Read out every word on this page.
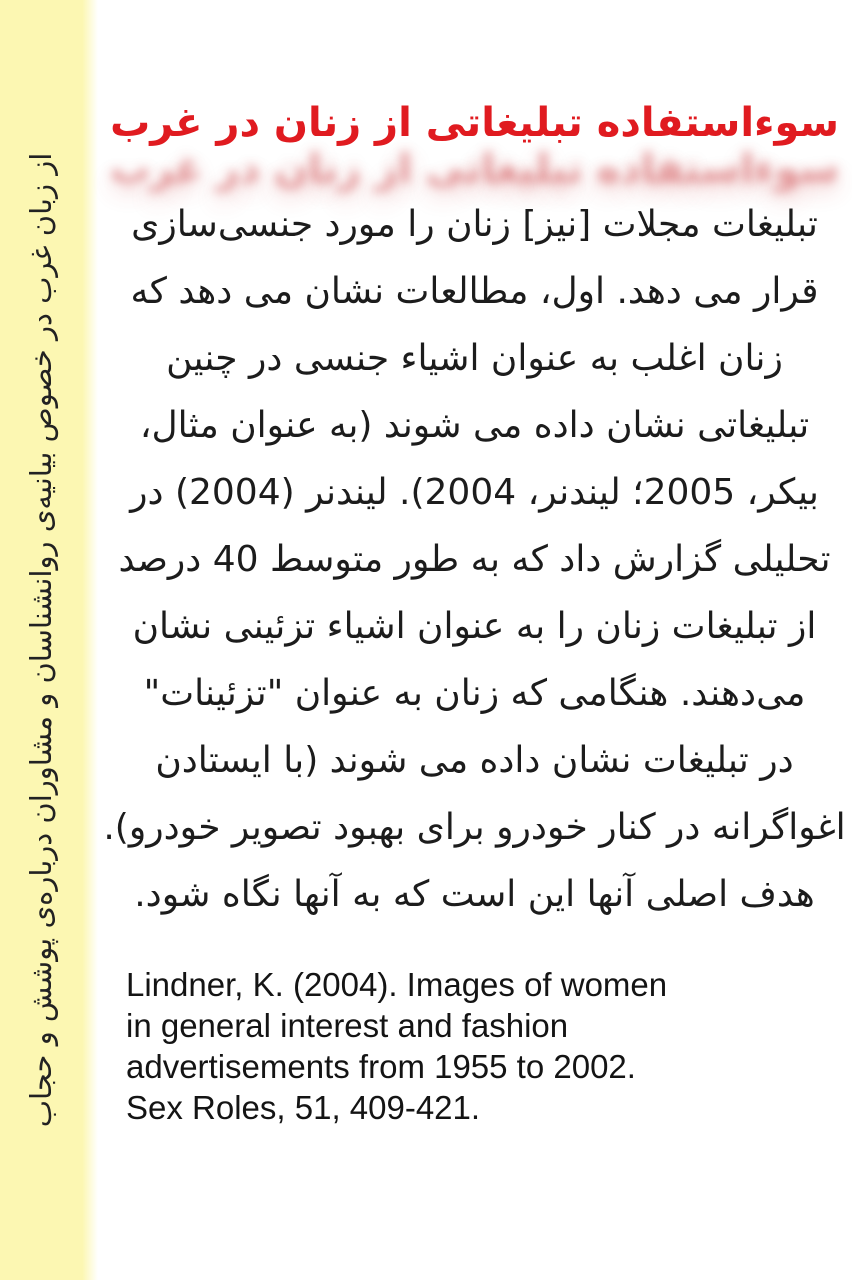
از زبان غرب در خصوص بیانیه‌ی روانشناسان و مشاوران درباره‌ی پوشش و حجاب
سوءاستفاده تبلیغاتی از زنان در غرب
تبلیغات مجلات [نیز] زنان را مورد جنسی‌سازی
قرار می دهد. اول، مطالعات نشان می دهد که
زنان اغلب به عنوان اشیاء جنسی در چنین
تبلیغاتی نشان داده می شوند (به عنوان مثال،
بیکر، 2005؛ لیندنر، 2004). لیندنر (2004) در
تحلیلی گزارش داد که به طور متوسط 40 درصد
از تبلیغات زنان را به عنوان اشیاء تزئینی نشان
می‌دهند. هنگامی که زنان به عنوان "تزئینات"
در تبلیغات نشان داده می شوند (با ایستادن
اغواگرانه در کنار خودرو برای بهبود تصویر خودرو).
هدف اصلی آنها این است که به آنها نگاه شود.
Lindner, K. (2004). Images of women
in general interest and fashion
advertisements from 1955 to 2002.
Sex Roles, 51, 409-421.
